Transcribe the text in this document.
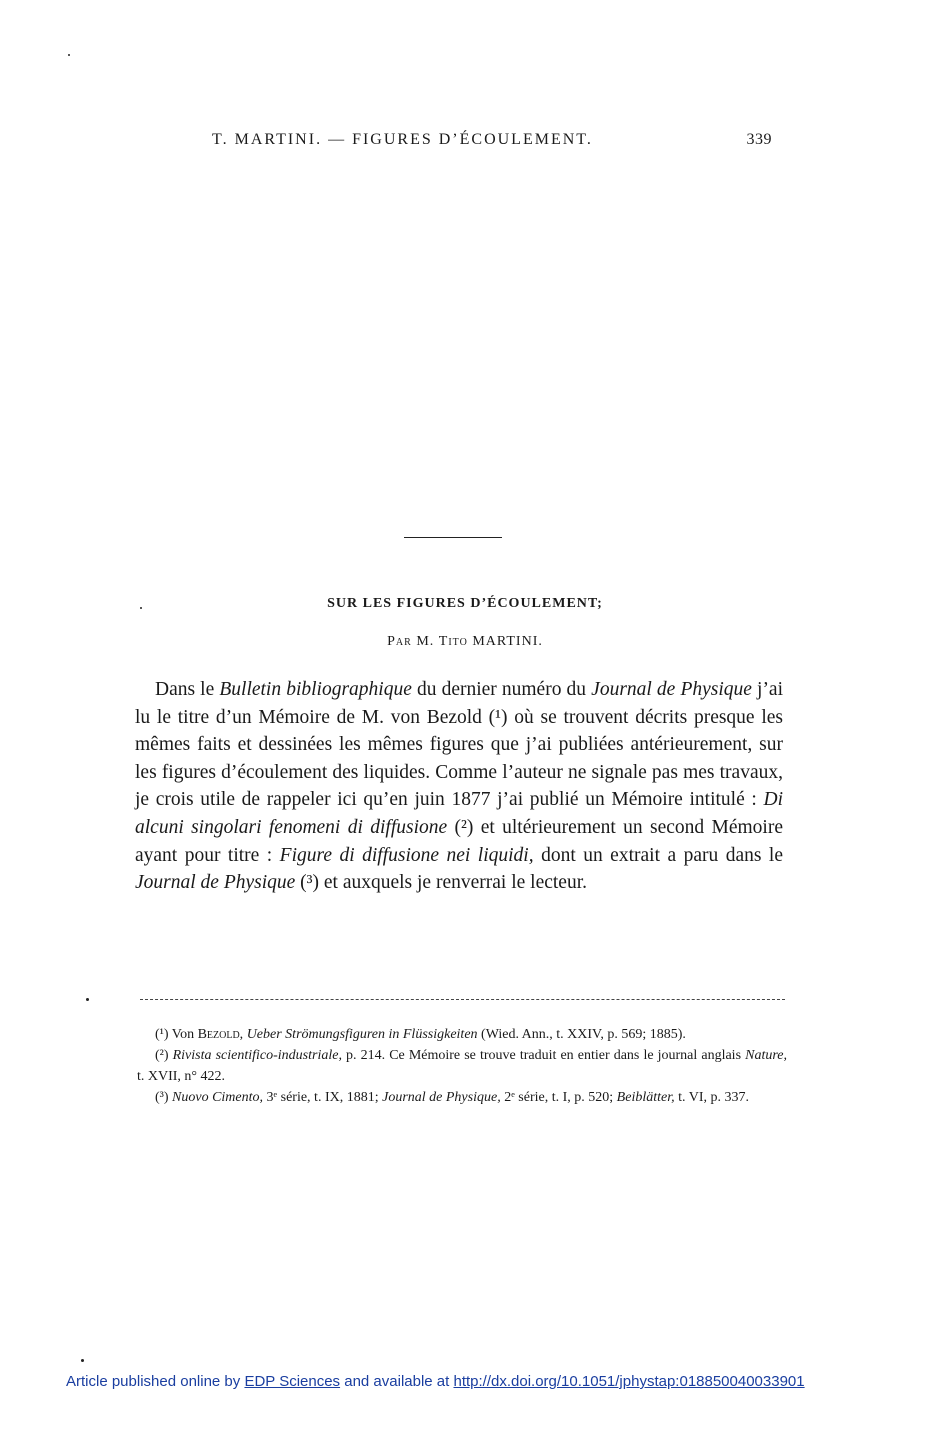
T. MARTINI. — FIGURES D’ÉCOULEMENT.	339
SUR LES FIGURES D’ÉCOULEMENT;
Par M. Tito MARTINI.

Dans le Bulletin bibliographique du dernier numéro du Journal de Physique j’ai lu le titre d’un Mémoire de M. von Bezold (¹) où se trouvent décrits presque les mêmes faits et dessinées les mêmes figures que j’ai publiées antérieurement, sur les figures d’écoulement des liquides. Comme l’auteur ne signale pas mes travaux, je crois utile de rappeler ici qu’en juin 1877 j’ai publié un Mémoire intitulé : Di alcuni singolari fenomeni di diffusione (²) et ultérieurement un second Mémoire ayant pour titre : Figure di diffusione nei liquidi, dont un extrait a paru dans le Journal de Physique (³) et auxquels je renverrai le lecteur.

(¹) Von Bezold, Ueber Strömungsfiguren in Flüssigkeiten (Wied. Ann., t. XXIV, p. 569; 1885).

(²) Rivista scientifico-industriale, p. 214. Ce Mémoire se trouve traduit en entier dans le journal anglais Nature, t. XVII, n° 422.

(³) Nuovo Cimento, 3ᵉ série, t. IX, 1881; Journal de Physique, 2ᵉ série, t. I, p. 520; Beiblätter, t. VI, p. 337.

Article published online by EDP Sciences and available at http://dx.doi.org/10.1051/jphystap:018850040033901
